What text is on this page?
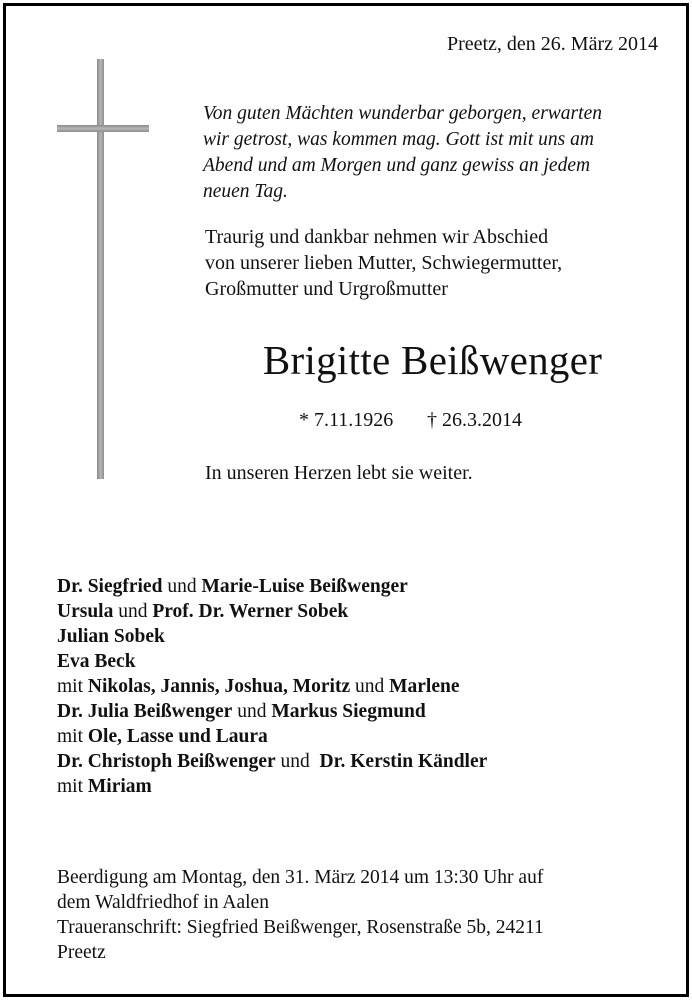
Preetz, den 26. März 2014
Von guten Mächten wunderbar geborgen, erwarten
wir getrost, was kommen mag. Gott ist mit uns am
Abend und am Morgen und ganz gewiss an jedem
neuen Tag.
Traurig und dankbar nehmen wir Abschied
von unserer lieben Mutter, Schwiegermutter,
Großmutter und Urgroßmutter
Brigitte Beißwenger
* 7.11.1926 † 26.3.2014
In unseren Herzen lebt sie weiter.
Dr. Siegfried und Marie-Luise Beißwenger
Ursula und Prof. Dr. Werner Sobek
Julian Sobek
Eva Beck
mit Nikolas, Jannis, Joshua, Moritz und Marlene
Dr. Julia Beißwenger und Markus Siegmund
mit Ole, Lasse und Laura
Dr. Christoph Beißwenger und  Dr. Kerstin Kändler
mit Miriam
Beerdigung am Montag, den 31. März 2014 um 13:30 Uhr auf
dem Waldfriedhof in Aalen
Traueranschrift: Siegfried Beißwenger, Rosenstraße 5b, 24211
Preetz
